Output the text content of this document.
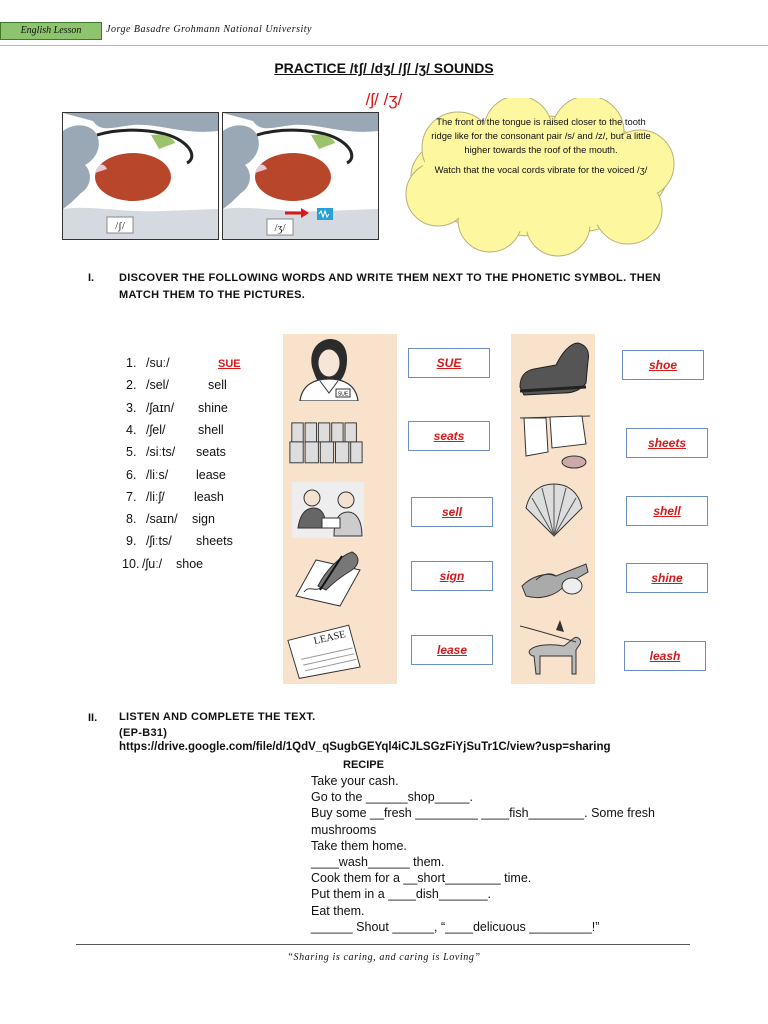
English Lesson	Jorge Basadre Grohmann National University
PRACTICE /tʃ/ /dʒ/ /ʃ/ /ʒ/ SOUNDS
/ʃ/ /ʒ/
/ʃ/	/ʒ/

The front of the tongue is raised closer to the tooth ridge like for the consonant pair /s/ and /z/, but a little higher towards the roof of the mouth.

Watch that the vocal cords vibrate for the voiced /ʒ/

I. DISCOVER THE FOLLOWING WORDS AND WRITE THEM NEXT TO THE PHONETIC SYMBOL. THEN MATCH THEM TO THE PICTURES.
1. /suː/	SUE
2. /sel/	sell
3. /ʃaɪn/ shine
4. /ʃel/	shell
5. /siːts/ seats
6. /liːs/ lease
7. /liːʃ/ leash
8. /saɪn/ sign
9. /ʃiːts/ sheets
10. /ʃuː/ shoe
SUE
LEASE
SUE
seats
sell
sign
lease
shoe
sheets
shell
shine
leash
II. LISTEN AND COMPLETE THE TEXT.
(EP-B31)
https://drive.google.com/file/d/1QdV_qSugbGEYql4iCJLSGzFiYjSuTr1C/view?usp=sharing
RECIPE
Take your cash.
Go to the ______shop_____.
Buy some __fresh _________ ____fish________. Some fresh
mushrooms
Take them home.
____wash______ them.
Cook them for a __short________ time.
Put them in a ____dish_______.
Eat them.
______ Shout ______, “____delicuous _________!”
“Sharing is caring, and caring is Loving”
